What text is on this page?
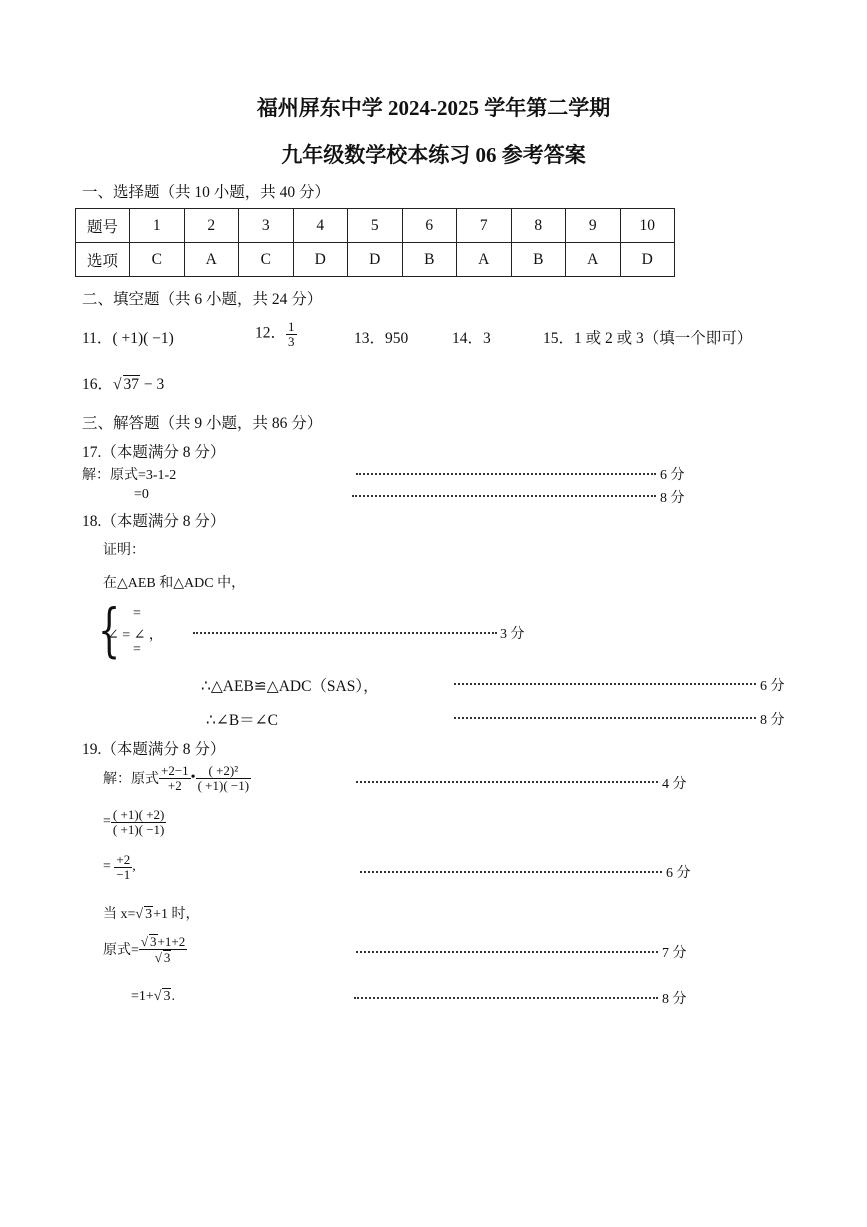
福州屏东中学 2024-2025 学年第二学期
九年级数学校本练习 06 参考答案
一、选择题（共 10 小题，共 40 分）
题号	1	2	3	4	5	6	7	8	9	10
选项	C	A	C	D	D	B	A	B	A	D
二、填空题（共 6 小题，共 24 分）
11．( +1)( −1)	12． $\frac{1}{3}$	13．950	14．3	15．1 或 2 或 3（填一个即可）
16．√ 37 − 3
三、解答题（共 9 小题，共 86 分）
17.（本题满分 8 分）
解：原式=3-1-2	6 分
=0	8 分
18.（本题满分 8 分）
证明：
在△AEB 和△ADC 中，
{ =
∠ = ∠ ，
=
3 分
∴△AEB≌△ADC（SAS），	6 分
∴∠B＝∠C	8 分
19.（本题满分 8 分）
解：原式 $\frac{+2-1}{+2}$ • $\frac{\text{( +2)²}}{( +1)( -1)}$	4 分
= $\frac{( +1)( +2)}{( +1)( -1)}$
= $\frac{+2}{-1}$ ,	6 分
当 x=√ 3+1 时，
原式= $\frac{√ 3+1+2}{√ 3}$	7 分
=1+√ 3.	8 分
